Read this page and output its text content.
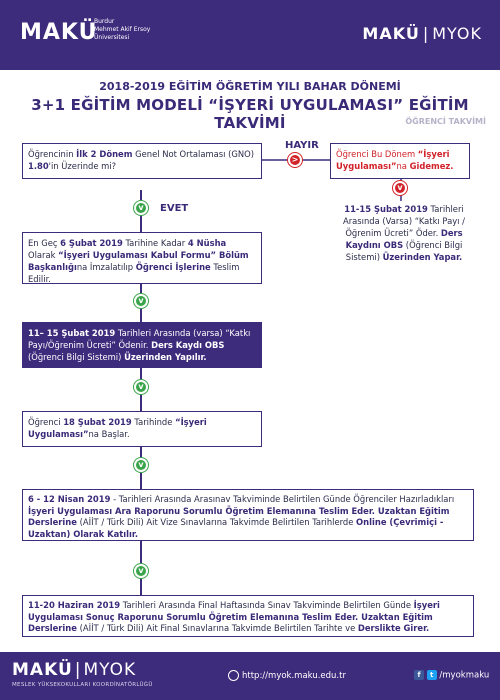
MAKÜ
Burdur
Mehmet Akif Ersoy
Üniversitesi	MAKÜ | MYOK
2018-2019 EĞİTİM ÖĞRETİM YILI BAHAR DÖNEMİ
3+1 EĞİTİM MODELİ “İŞYERİ UYGULAMASI” EĞİTİM TAKVİMİ	ÖĞRENCİ TAKVİMİ
Öğrencinin İlk 2 Dönem Genel Not Ortalaması (GNO) 1.80'in Üzerinde mi?
HAYIR
>
Öğrenci Bu Dönem “İşyeri Uygulaması”na Gidemez.
v
11-15 Şubat 2019 Tarihleri Arasında (Varsa) “Katkı Payı / Öğrenim Ücreti” Öder. Ders Kaydını OBS (Öğrenci Bilgi Sistemi) Üzerinden Yapar.
v	EVET
En Geç 6 Şubat 2019 Tarihine Kadar 4 Nüsha Olarak “İşyeri Uygulaması Kabul Formu” Bölüm Başkanlığına İmzalatılıp Öğrenci İşlerine Teslim Edilir.
v
11– 15 Şubat 2019 Tarihleri Arasında (varsa) “Katkı Payı/Öğrenim Ücreti” Ödenir. Ders Kaydı OBS (Öğrenci Bilgi Sistemi) Üzerinden Yapılır.
v
Öğrenci 18 Şubat 2019 Tarihinde “İşyeri Uygulaması”na Başlar.
v
6 - 12 Nisan 2019 - Tarihleri Arasında Arasınav Takviminde Belirtilen Günde Öğrenciler Hazırladıkları İşyeri Uygulaması Ara Raporunu Sorumlu Öğretim Elemanına Teslim Eder. Uzaktan Eğitim Derslerine (AİİT / Türk Dili) Ait Vize Sınavlarına Takvimde Belirtilen Tarihlerde Online (Çevrimiçi - Uzaktan) Olarak Katılır.
v
11-20 Haziran 2019 Tarihleri Arasında Final Haftasında Sınav Takviminde Belirtilen Günde İşyeri Uygulaması Sonuç Raporunu Sorumlu Öğretim Elemanına Teslim Eder. Uzaktan Eğitim Derslerine (AİİT / Türk Dili) Ait Final Sınavlarına Takvimde Belirtilen Tarihte ve Derslikte Girer.
MAKÜ | MYOK
MESLEK YÜKSEKOKULLARI KOORDİNATÖRLÜĞÜ
http://myok.maku.edu.tr	f t /myokmaku
